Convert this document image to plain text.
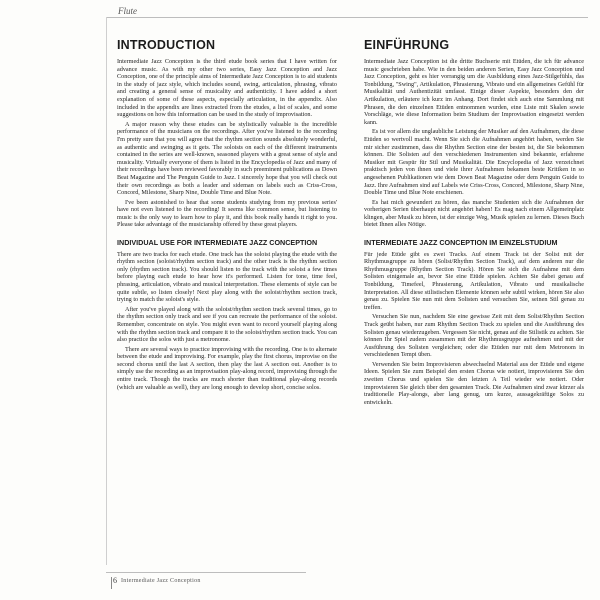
Flute
INTRODUCTION

Intermediate Jazz Conception is the third etude book series that I have written for advance music. As with my other two series, Easy Jazz Conception and Jazz Conception, one of the principle aims of Intermediate Jazz Conception is to aid students in the study of jazz style, which includes sound, swing, articulation, phrasing, vibrato and creating a general sense of musicality and authenticity. I have added a short explanation of some of these aspects, especially articulation, in the appendix. Also included in the appendix are lines extracted from the etudes, a list of scales, and some suggestions on how this information can be used in the study of improvisation.

A major reason why these etudes can be stylistically valuable is the incredible performance of the musicians on the recordings. After you've listened to the recording I'm pretty sure that you will agree that the rhythm section sounds absolutely wonderful, as authentic and swinging as it gets. The soloists on each of the different instruments contained in the series are well-known, seasoned players with a great sense of style and musicality. Virtually everyone of them is listed in the Encyclopedia of Jazz and many of their recordings have been reviewed favorably in such preeminent publications as Down Beat Magazine and The Penguin Guide to Jazz. I sincerely hope that you will check out their own recordings as both a leader and sideman on labels such as Criss-Cross, Concord, Milestone, Sharp Nine, Double Time and Blue Note.

I've been astonished to hear that some students studying from my previous series' have not even listened to the recording! It seems like common sense, but listening to music is the only way to learn how to play it, and this book really hands it right to you. Please take advantage of the musicianship offered by these great players.

INDIVIDUAL USE FOR INTERMEDIATE JAZZ CONCEPTION

There are two tracks for each etude. One track has the soloist playing the etude with the rhythm section (soloist/rhythm section track) and the other track is the rhythm section only (rhythm section track). You should listen to the track with the soloist a few times before playing each etude to hear how it's performed. Listen for tone, time feel, phrasing, articulation, vibrato and musical interpretation. These elements of style can be quite subtle, so listen closely! Next play along with the soloist/rhythm section track, trying to match the soloist's style.

After you've played along with the soloist/rhythm section track several times, go to the rhythm section only track and see if you can recreate the performance of the soloist. Remember, concentrate on style. You might even want to record yourself playing along with the rhythm section track and compare it to the soloist/rhythm section track. You can also practice the solos with just a metronome.

There are several ways to practice improvising with the recording. One is to alternate between the etude and improvising. For example, play the first chorus, improvise on the second chorus until the last A section, then play the last A section out. Another is to simply use the recording as an improvisation play-along record, improvising through the entire track. Though the tracks are much shorter than traditional play-along records (which are valuable as well), they are long enough to develop short, concise solos.

EINFÜHRUNG

Intermediate Jazz Conception ist die dritte Buchserie mit Etüden, die ich für advance music geschrieben habe. Wie in den beiden anderen Serien, Easy Jazz Conception und Jazz Conception, geht es hier vorrangig um die Ausbildung eines Jazz-Stilgefühls, das Tonbildung, "Swing", Artikulation, Phrasierung, Vibrato und ein allgemeines Gefühl für Musikalität und Authentizität umfasst. Einige dieser Aspekte, besonders den der Artikulation, erläutere ich kurz im Anhang. Dort findet sich auch eine Sammlung mit Phrasen, die den einzelnen Etüden entnommen wurden, eine Liste mit Skalen sowie Vorschläge, wie diese Information beim Studium der Improvisation eingesetzt werden kann.

Es ist vor allem die unglaubliche Leistung der Musiker auf den Aufnahmen, die diese Etüden so wertvoll macht. Wenn Sie sich die Aufnahmen angehört haben, werden Sie mir sicher zustimmen, dass die Rhythm Section eine der besten ist, die Sie bekommen können. Die Solisten auf den verschiedenen Instrumenten sind bekannte, erfahrene Musiker mit Gespür für Stil und Musikalität. Die Encyclopedia of Jazz verzeichnet praktisch jeden von ihnen und viele ihrer Aufnahmen bekamen beste Kritiken in so angesehenen Publikationen wie dem Down Beat Magazine oder dem Penguin Guide to Jazz. Ihre Aufnahmen sind auf Labels wie Criss-Cross, Concord, Milestone, Sharp Nine, Double Time und Blue Note erschienen.

Es hat mich gewundert zu hören, das manche Studenten sich die Aufnahmen der vorherigen Serien überhaupt nicht angehört haben! Es mag nach einem Allgemeinplatz klingen, aber Musik zu hören, ist der einzige Weg, Musik spielen zu lernen. Dieses Buch bietet Ihnen alles Nötige.

INTERMEDIATE JAZZ CONCEPTION IM EINZELSTUDIUM

Für jede Etüde gibt es zwei Tracks. Auf einem Track ist der Solist mit der Rhythmusgruppe zu hören (Solist/Rhythm Section Track), auf dem anderen nur die Rhythmusgruppe (Rhythm Section Track). Hören Sie sich die Aufnahme mit dem Solisten einigemale an, bevor Sie eine Etüde spielen. Achten Sie dabei genau auf Tonbildung, Timefeel, Phrasierung, Artikulation, Vibrato und musikalische Interpretation. All diese stilistischen Elemente können sehr subtil wirken, hören Sie also genau zu. Spielen Sie nun mit dem Solisten und versuchen Sie, seinen Stil genau zu treffen.

Versuchen Sie nun, nachdem Sie eine gewisse Zeit mit dem Solist/Rhythm Section Track geübt haben, nur zum Rhythm Section Track zu spielen und die Ausführung des Solisten genau wiederzugeben. Vergessen Sie nicht, genau auf die Stilistik zu achten. Sie können Ihr Spiel zudem zusammen mit der Rhythmusgruppe aufnehmen und mit der Ausführung des Solisten vergleichen; oder die Etüden nur mit dem Metronom in verschiedenen Tempi üben.

Verwenden Sie beim Improvisieren abwechselnd Material aus der Etüde und eigene Ideen. Spielen Sie zum Beispiel den ersten Chorus wie notiert, improvisieren Sie den zweiten Chorus und spielen Sie den letzten A Teil wieder wie notiert. Oder improvisieren Sie gleich über den gesamten Track. Die Aufnahmen sind zwar kürzer als traditionelle Play-alongs, aber lang genug, um kurze, aussagekräftige Solos zu entwickeln.

6 Intermediate Jazz Conception
